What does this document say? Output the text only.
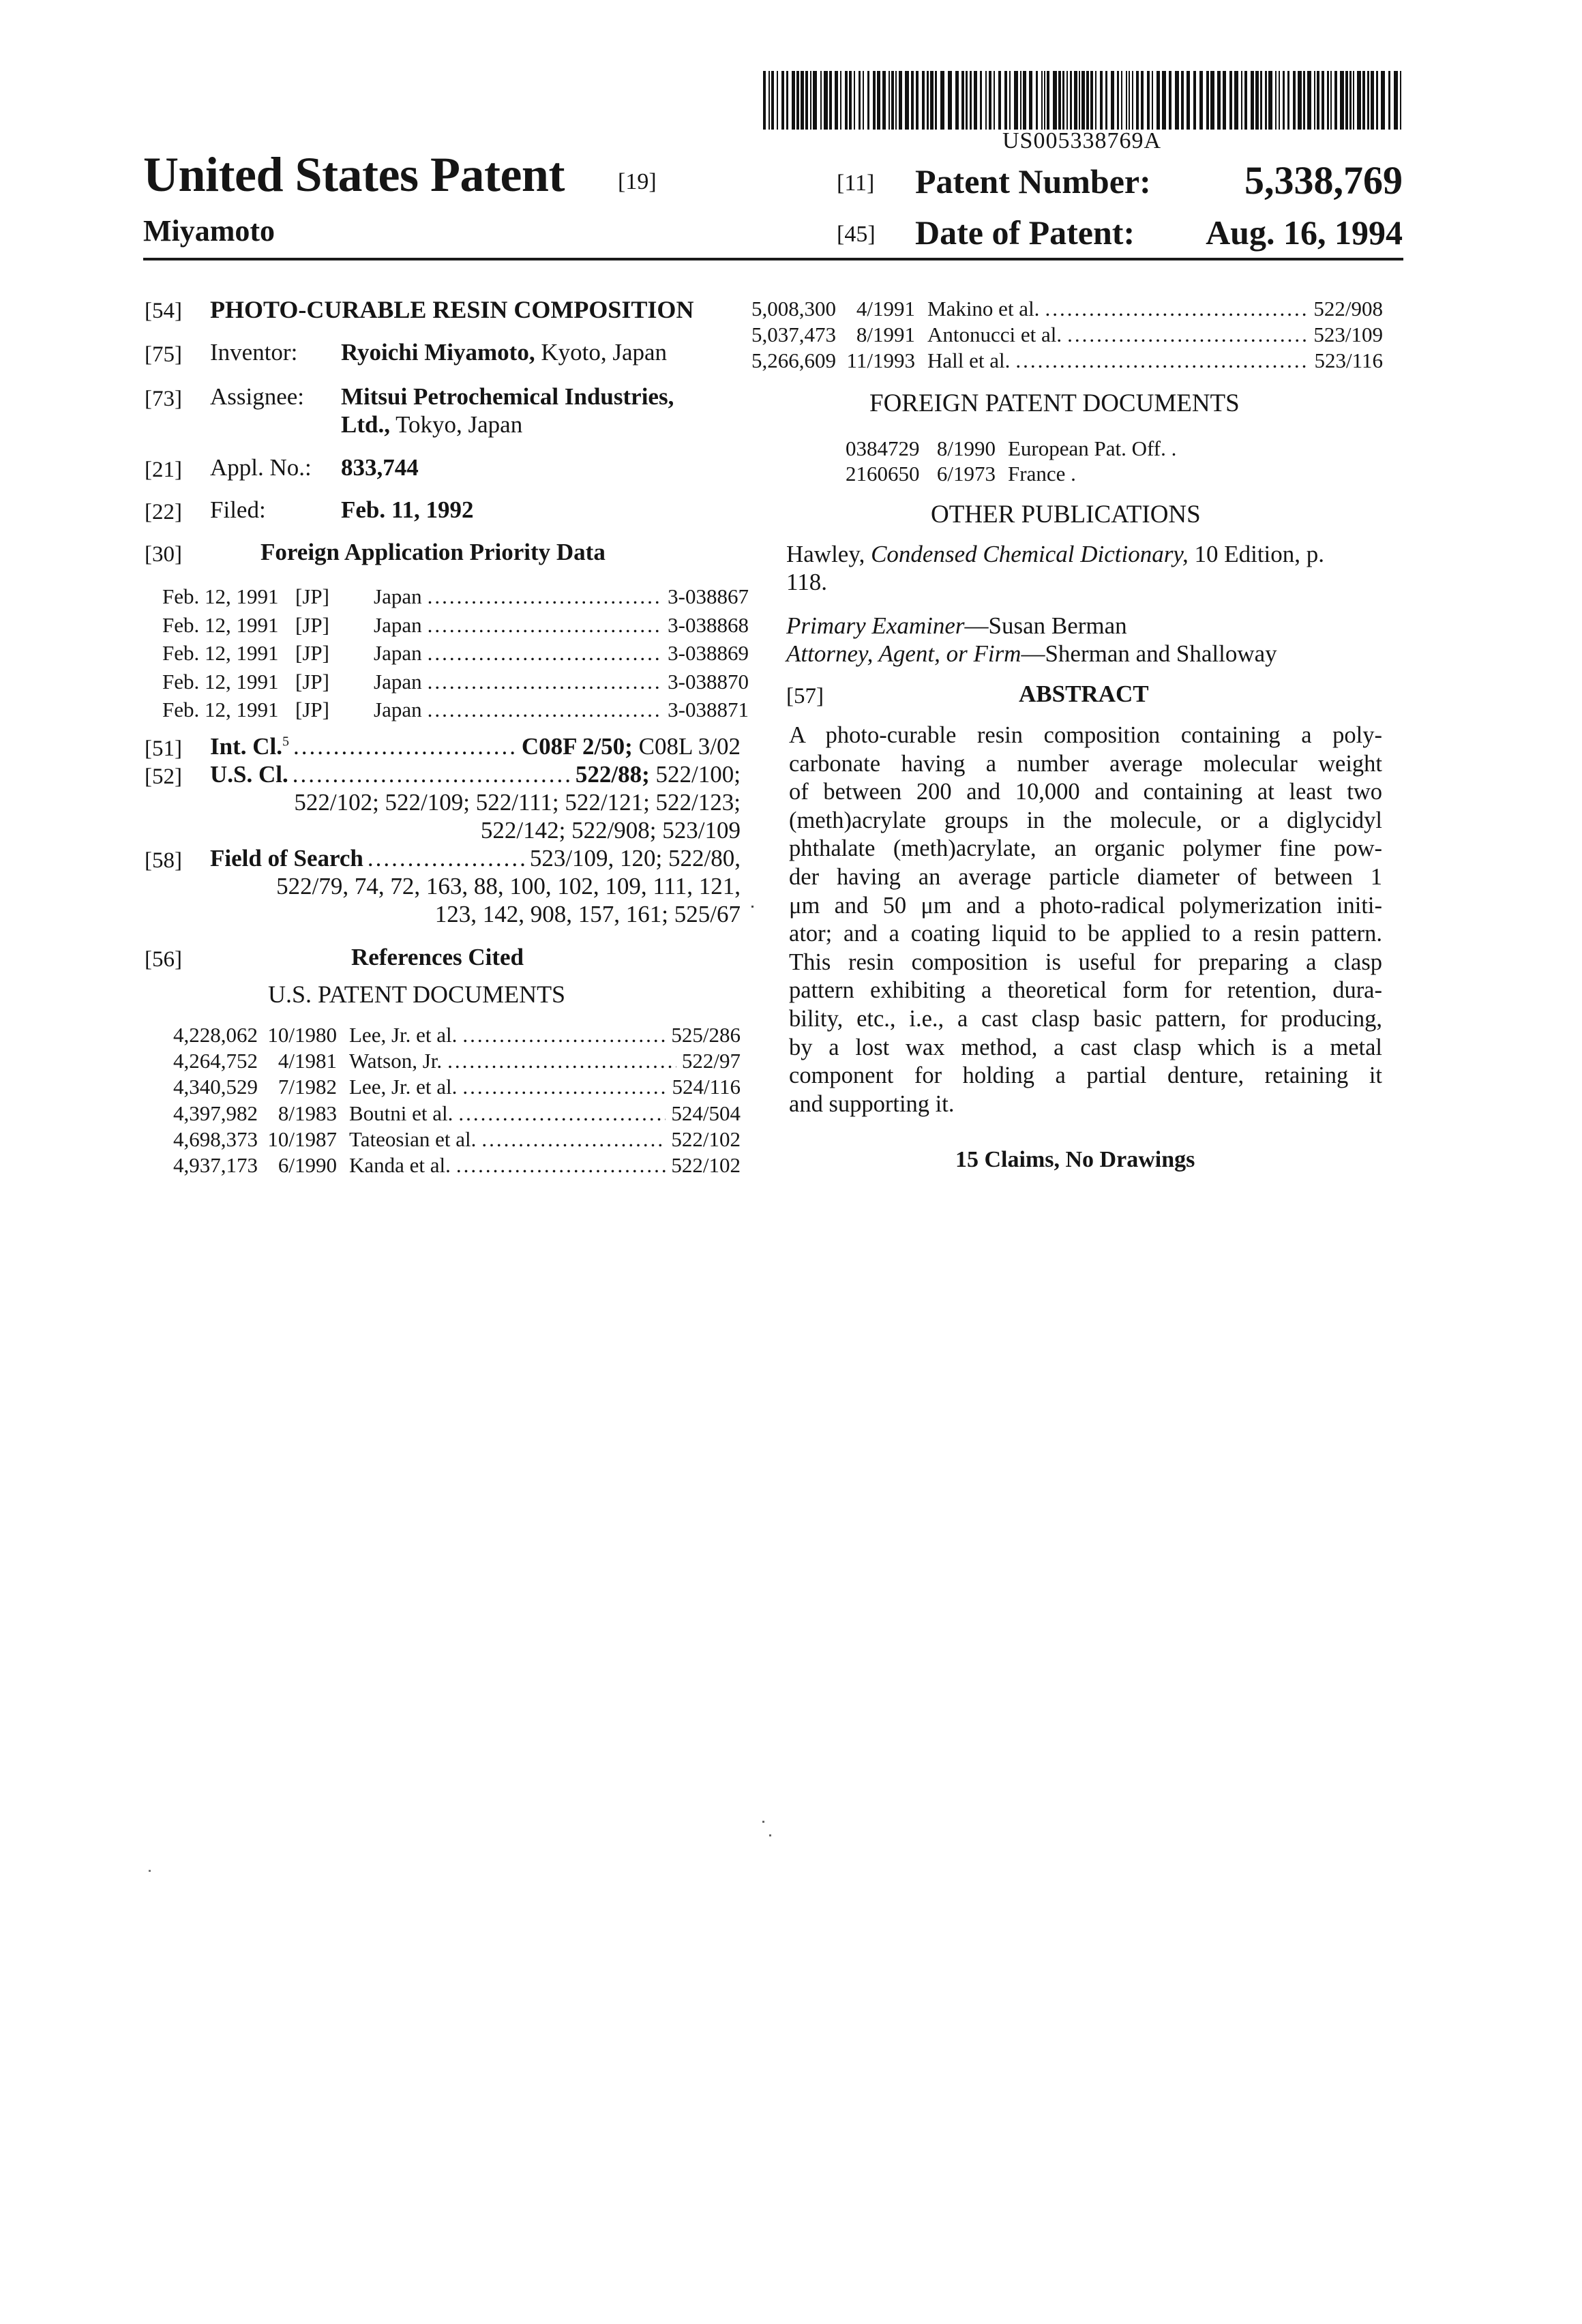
US005338769A
United States Patent [19]
Miyamoto
[11] Patent Number: 5,338,769
[45] Date of Patent: Aug. 16, 1994
[54] PHOTO-CURABLE RESIN COMPOSITION
[75] Inventor: Ryoichi Miyamoto, Kyoto, Japan
[73] Assignee: Mitsui Petrochemical Industries,
Ltd., Tokyo, Japan
[21] Appl. No.: 833,744
[22] Filed:	Feb. 11, 1992
[30]	Foreign Application Priority Data
Feb. 12, 1991 [JP]	Japan
.....	3-038867
Feb. 12, 1991 [JP]	Japan
.....	3-038868
Feb. 12, 1991 [JP]	Japan
.....	3-038869
Feb. 12, 1991 [JP]	Japan
.....	3-038870
Feb. 12, 1991 [JP]	Japan
.....	3-038871
[51] Int. Cl.5
.....	C08F 2/50; C08L 3/02
[52] U.S. Cl.
.....	522/88; 522/100;
522/102; 522/109; 522/111; 522/121; 522/123;
522/142; 522/908; 523/109
[58] Field of Search
.....	523/109, 120; 522/80,
522/79, 74, 72, 163, 88, 100, 102, 109, 111, 121,
123, 142, 908, 157, 161; 525/67
[56]	References Cited
U.S. PATENT DOCUMENTS
4,228,062 10/1980 Lee, Jr. et al.
.....	525/286
4,264,752 4/1981 Watson, Jr.
.....	522/97
4,340,529 7/1982 Lee, Jr. et al.
.....	524/116
4,397,982 8/1983 Boutni et al.
.....	524/504
4,698,373 10/1987 Tateosian et al.
.....	522/102
4,937,173 6/1990 Kanda et al.
.....	522/102
5,008,300 4/1991 Makino et al.
.....	522/908
5,037,473 8/1991 Antonucci et al.
.....	523/109
5,266,609 11/1993 Hall et al.
.....	523/116
FOREIGN PATENT DOCUMENTS
0384729 8/1990 European Pat. Off. .
2160650 6/1973 France .
OTHER PUBLICATIONS
Hawley, Condensed Chemical Dictionary, 10 Edition, p.
118.
Primary Examiner—Susan Berman
Attorney, Agent, or Firm—Sherman and Shalloway
[57]	ABSTRACT
A photo-curable resin composition containing a poly-
carbonate having a number average molecular weight
of between 200 and 10,000 and containing at least two
(meth)acrylate groups in the molecule, or a diglycidyl
phthalate (meth)acrylate, an organic polymer fine pow-
der having an average particle diameter of between 1
μm and 50 μm and a photo-radical polymerization initi-
ator; and a coating liquid to be applied to a resin pattern.
This resin composition is useful for preparing a clasp
pattern exhibiting a theoretical form for retention, dura-
bility, etc., i.e., a cast clasp basic pattern, for producing,
by a lost wax method, a cast clasp which is a metal
component for holding a partial denture, retaining it
and supporting it.
15 Claims, No Drawings
